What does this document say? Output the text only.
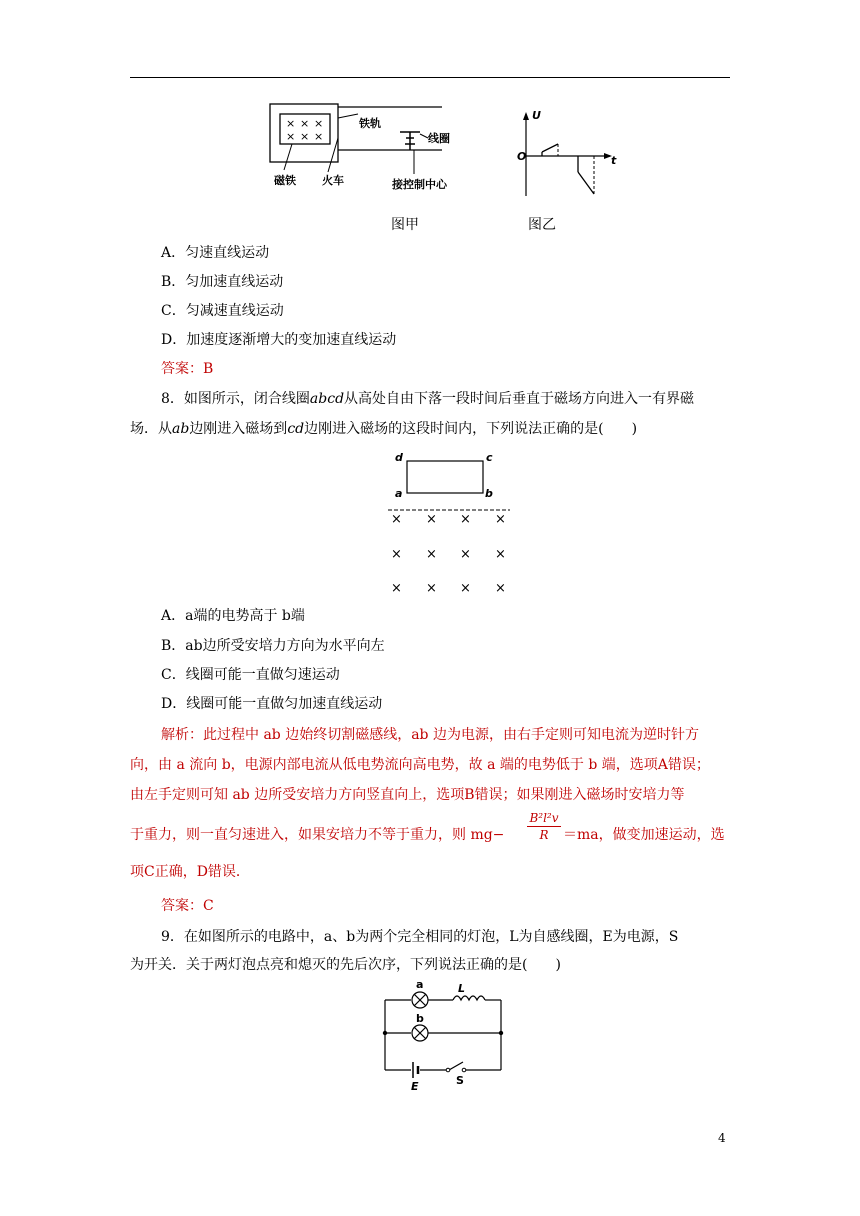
× × ×
× × ×
铁轨
线圈
磁铁 火车	接控制中心
U
O	t
图甲	图乙
A．匀速直线运动
B．匀加速直线运动
C．匀减速直线运动
D．加速度逐渐增大的变加速直线运动
答案：B
8．如图所示，闭合线圈abcd从高处自由下落一段时间后垂直于磁场方向进入一有界磁
场．从ab边刚进入磁场到cd边刚进入磁场的这段时间内，下列说法正确的是(　　)
× × × ×
× × × ×
× × × ×
d	c
a	b
A．a端的电势高于 b端
B．ab边所受安培力方向为水平向左
C．线圈可能一直做匀速运动
D．线圈可能一直做匀加速直线运动
解析：此过程中 ab 边始终切割磁感线，ab 边为电源，由右手定则可知电流为逆时针方
向，由 a 流向 b，电源内部电流从低电势流向高电势，故 a 端的电势低于 b 端，选项A错误；
由左手定则可知 ab 边所受安培力方向竖直向上，选项B错误；如果刚进入磁场时安培力等
于重力，则一直匀速进入，如果安培力不等于重力，则 $mg- \frac{\text{B²l²v}}{R} =ma$，做变加速运动，选
项C正确，D错误．
答案：C
9．在如图所示的电路中，a、b为两个完全相同的灯泡，L为自感线圈，E为电源，S
为开关．关于两灯泡点亮和熄灭的先后次序，下列说法正确的是(　　)
a	L
b
E	S
4
